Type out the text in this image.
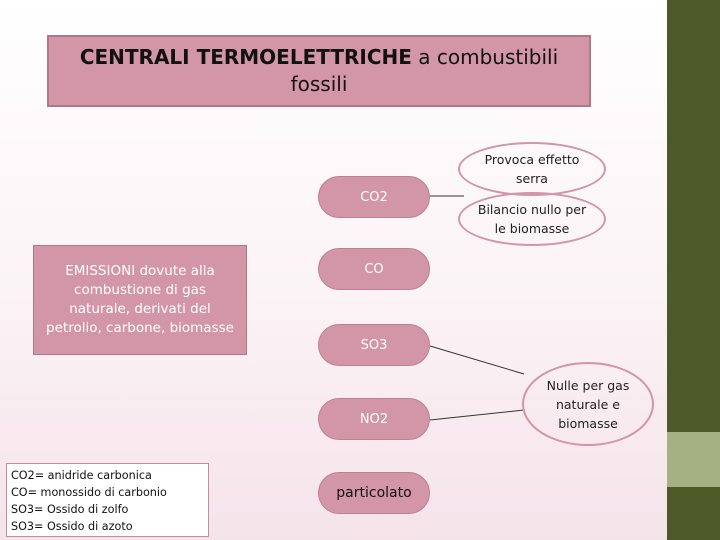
CENTRALI TERMOELETTRICHE a combustibili
fossili
EMISSIONI dovute alla combustione di gas naturale, derivati del petrolio, carbone, biomasse
CO2
CO
SO3
NO2
particolato
Provoca effetto serra
Bilancio nullo per le biomasse
Nulle per gas naturale e biomasse
CO2= anidride carbonica
CO= monossido di carbonio
SO3= Ossido di zolfo
SO3= Ossido di azoto
